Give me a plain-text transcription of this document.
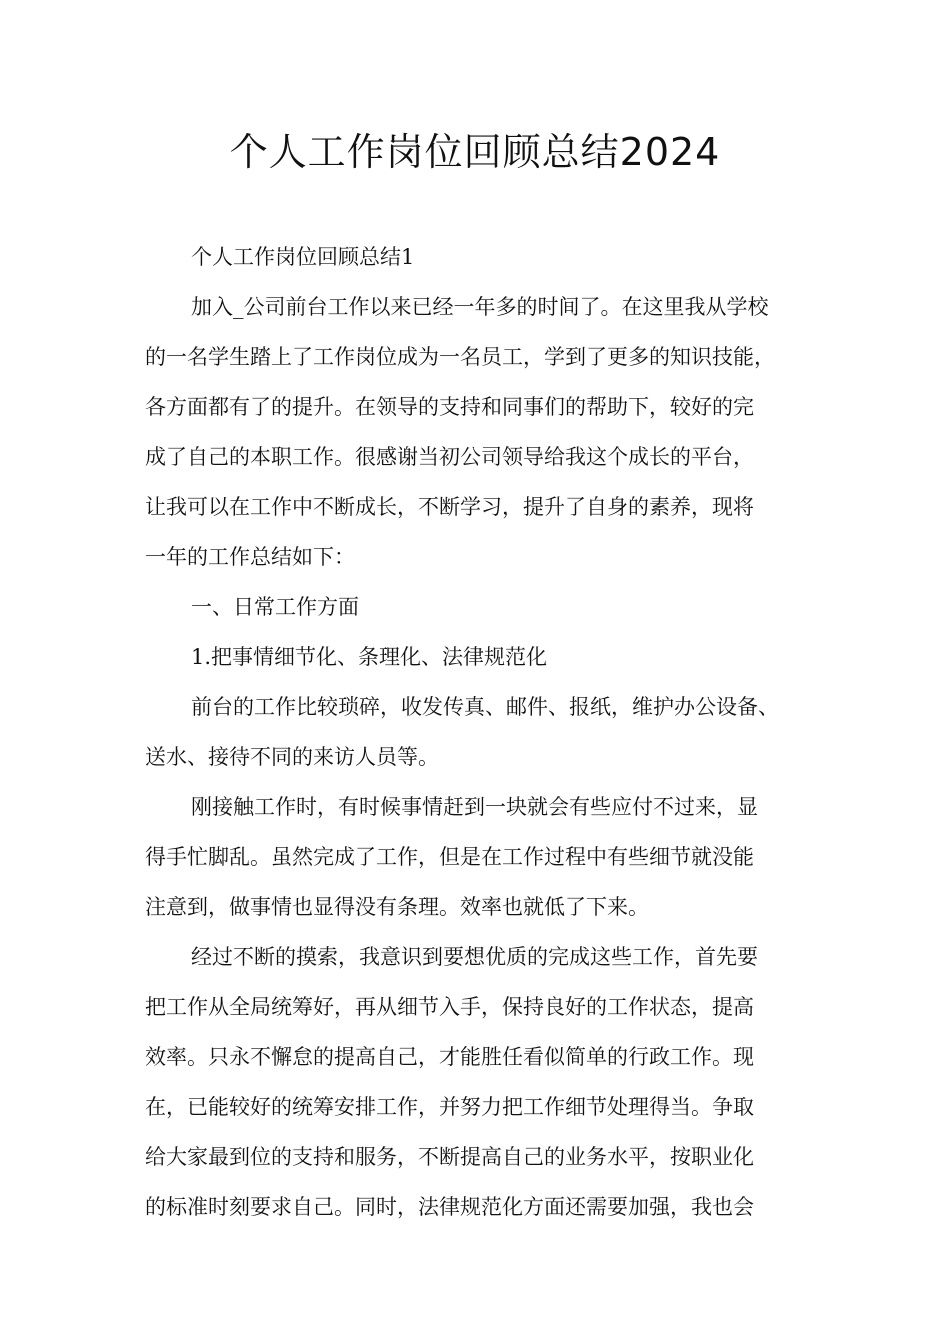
个人工作岗位回顾总结2024
个人工作岗位回顾总结1
加入_公司前台工作以来已经一年多的时间了。在这里我从学校
的一名学生踏上了工作岗位成为一名员工，学到了更多的知识技能，
各方面都有了的提升。在领导的支持和同事们的帮助下，较好的完
成了自己的本职工作。很感谢当初公司领导给我这个成长的平台，
让我可以在工作中不断成长，不断学习，提升了自身的素养，现将
一年的工作总结如下：
一、日常工作方面
1.把事情细节化、条理化、法律规范化
前台的工作比较琐碎，收发传真、邮件、报纸，维护办公设备、
送水、接待不同的来访人员等。
刚接触工作时，有时候事情赶到一块就会有些应付不过来，显
得手忙脚乱。虽然完成了工作，但是在工作过程中有些细节就没能
注意到，做事情也显得没有条理。效率也就低了下来。
经过不断的摸索，我意识到要想优质的完成这些工作，首先要
把工作从全局统筹好，再从细节入手，保持良好的工作状态，提高
效率。只永不懈怠的提高自己，才能胜任看似简单的行政工作。现
在，已能较好的统筹安排工作，并努力把工作细节处理得当。争取
给大家最到位的支持和服务，不断提高自己的业务水平，按职业化
的标准时刻要求自己。同时，法律规范化方面还需要加强，我也会
